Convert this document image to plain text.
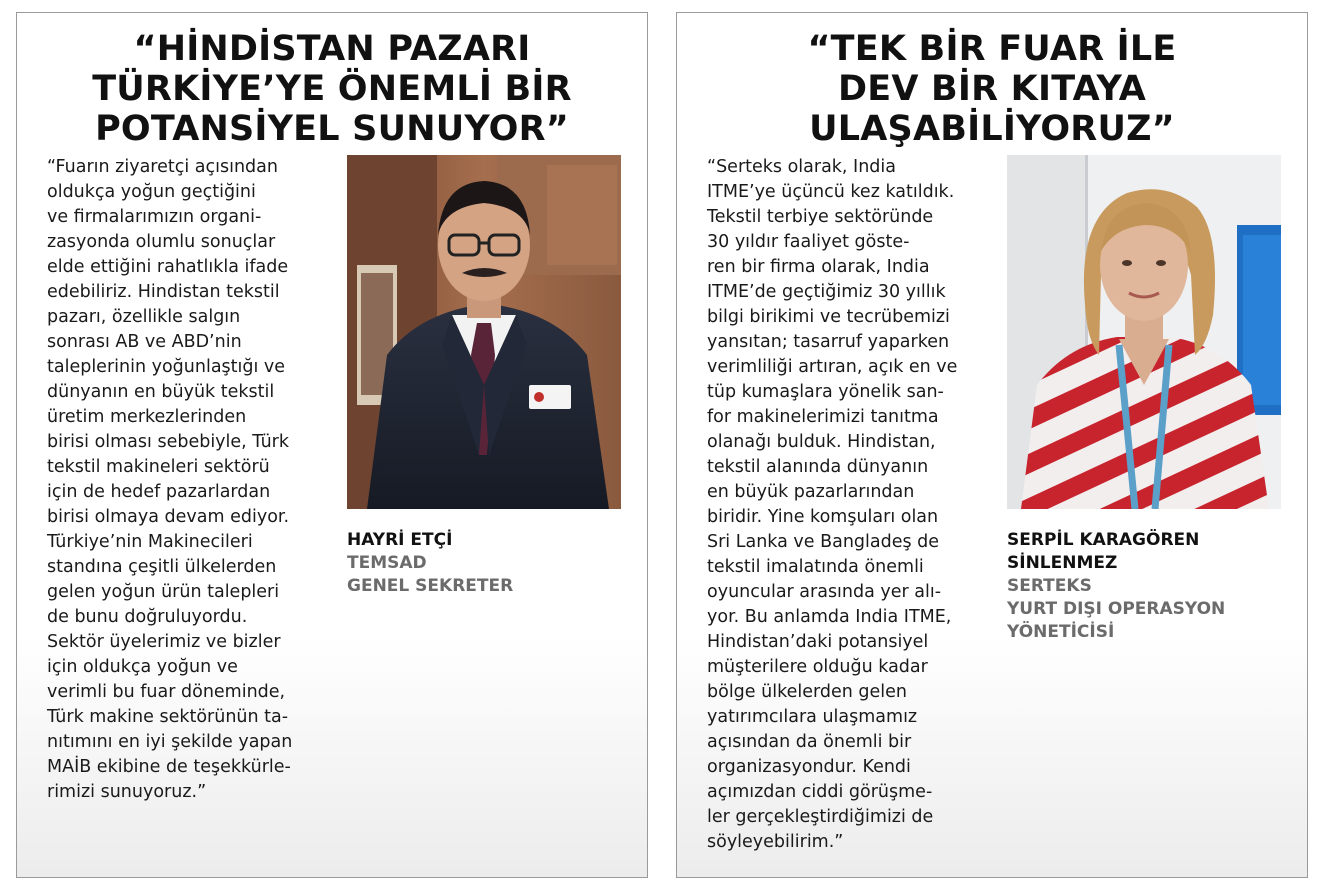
“HİNDİSTAN PAZARI
TÜRKİYE’YE ÖNEMLİ BİR
POTANSİYEL SUNUYOR”

“Fuarın ziyaretçi açısından
oldukça yoğun geçtiğini
ve firmalarımızın organi-
zasyonda olumlu sonuçlar
elde ettiğini rahatlıkla ifade
edebiliriz. Hindistan tekstil
pazarı, özellikle salgın
sonrası AB ve ABD’nin
taleplerinin yoğunlaştığı ve
dünyanın en büyük tekstil
üretim merkezlerinden
birisi olması sebebiyle, Türk
tekstil makineleri sektörü
için de hedef pazarlardan
birisi olmaya devam ediyor.
Türkiye’nin Makinecileri
standına çeşitli ülkelerden
gelen yoğun ürün talepleri
de bunu doğruluyordu.
Sektör üyelerimiz ve bizler
için oldukça yoğun ve
verimli bu fuar döneminde,
Türk makine sektörünün ta-
nıtımını en iyi şekilde yapan
MAİB ekibine de teşekkürle-
rimizi sunuyoruz.”

HAYRİ ETÇİ
TEMSAD
GENEL SEKRETER

“TEK BİR FUAR İLE
DEV BİR KITAYA
ULAŞABİLİYORUZ”

“Serteks olarak, India
ITME’ye üçüncü kez katıldık.
Tekstil terbiye sektöründe
30 yıldır faaliyet göste-
ren bir firma olarak, India
ITME’de geçtiğimiz 30 yıllık
bilgi birikimi ve tecrübemizi
yansıtan; tasarruf yaparken
verimliliği artıran, açık en ve
tüp kumaşlara yönelik san-
for makinelerimizi tanıtma
olanağı bulduk. Hindistan,
tekstil alanında dünyanın
en büyük pazarlarından
biridir. Yine komşuları olan
Sri Lanka ve Bangladeş de
tekstil imalatında önemli
oyuncular arasında yer alı-
yor. Bu anlamda India ITME,
Hindistan’daki potansiyel
müşterilere olduğu kadar
bölge ülkelerden gelen
yatırımcılara ulaşmamız
açısından da önemli bir
organizasyondur. Kendi
açımızdan ciddi görüşme-
ler gerçekleştirdiğimizi de
söyleyebilirim.”

SERPİL KARAGÖREN
SİNLENMEZ
SERTEKS
YURT DIŞI OPERASYON
YÖNETİCİSİ
